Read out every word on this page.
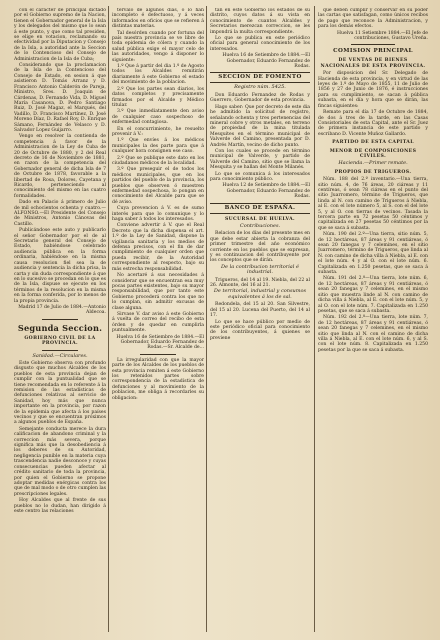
con el carácter de principal dictado por el Gobierno supremo de la Nacion, tienen el Gobernador general de la Isla y los delegados del mismo que lo sean á este punto, y que como tal presiden, se elige en votacion, reclamando su efectividad por la Diputacion y Consejo de la Isla, a autoridad ante la Seccion de lo Contencioso del Consejo de Administracion de la Isla de Cuba;

Considerando que la proclamacion de la Isla de la Contencioso del Consejo de Estado, en sesion á que asistieron D. Tomás Arranz y D. Francisco Antonio Calderón de Pareja, Ministro, Sres. D. Joaquin de Cárdenas, D. Fernando Vida, D. Miguel María Casanova, D. Pedro Santiago Ruiz, D. José Magaz, el Marqués, del Vadillo, D. Francisco Martínez, D. José Moreno Díaz, D. Rafael Roy, D. Enrique Sámano, Fernández de Velasco y D. Salvador Lopez Guijarro.

Vengo en resolver la contienda de competencia á favor de la Administracion de la Ley de Cuba de 20 de Octubre de 1880, y 2 del Real decreto de 16 de Noviembre de 1881, en razon de la competencia del Gobernador general de dicha Isla de 7 de Octubre de 1878, favorable a la libertad de Rosa, Dolores, Cayetana y Ricardo, perteneciendo al conocimiento del mismo en las cuatro formalidades.

Dado en Palacio á primero de Julio de mil ochocientos ochenta y cuatro.—ALFONSO.—El Presidente del Consejo de Ministros, Antonio Cánovas del Castillo.

Publicándose este auto y publicarlo el señor Gobernador por el de al Secretario general del Consejo de Estado, habiéndose celebrado audiencia pública en la forma ordinaria, habiéndose en la misma causa resolucion fiel sea la de audiencia y sentencia la dicha prisa, la carta y sin duda correspondiente á que en lo sucesivo se procedan en lo que es de la Isla, dispuse se ejecute en los términos de la resolucion en la misma en la forma conferida, por lo menos de la propia provincia.

Madrid 17 de Julio de 1884.—Antonio Aldecoa.

Segunda Seccion.

GOBIERNO CIVIL DE LA PROVINCIA.

Sanidad.—Circulares.

Este Gobierno observa con profundo disgusto que muchos Alcaldes de los pueblos de esta provincia dejan de cumplir con la puntualidad que se tiene recomendada en lo referente á la remision de las estadísticas de defunciones relativas al servicio de Sanidad, hoy más que nunca importante en la provincia, por razon de la epidemia que afecta á los países vecinos y que se encuentran próximos a algunos pueblos de España.

Semejante conducta merece la dura calificacion de abandono criminal y la correccion más severa, porque significa más que la desobediencia á los deberes de su Autoridad, negligencia punible en la materia cuya trascendencia nadie desconoce y cuyas consecuencias pueden afectar al crédito sanitario de toda la provincia, por quien el Gobierno se propone adoptar medidas enérgicas contra los que de mal modo o de otro cumplen las prescripciones legales.

Hoy Alcaldes que al frente de sus pueblos no lo dudan, han dirigido á este centro las relaciones

tervalo de algunos días, ó lo han incompleto é defectuoso, y á veces informados en oficios que se refieren á distintas materias.

Tal desórden cuando por fortuna del país nuestra provincia se ve libre de toda epidemia de cólera y cuando la salud pública exige el mayor celo de las autoridades, vengo á disponer lo siguiente:

1.º Que á partir del dia 1.º de Agosto todos los Alcaldes remitirán diariamente á este Gobierno el estado del movimiento de la poblacion.

2.º Que los partes sean diarios, los datos completos y precisamente firmados por el Alcalde y Médico titular.

3.º Que inmediatamente den aviso de cualquier caso sospechoso de enfermedad contagiosa.

En el concurrimiento, he resuelto prevenir á V.:

1.º Que envíes á los médicos municipales la des parte para que á cualquier hora consignen ese caso.

2.º Que se publique este dato en los ciudadanos médicos de la localidad.

3.º Que preseguir el de todos los médicos municipales, que en los partidos del pueblo de la provincia, los pueblos que observen ó muestren enfermedad sospechosa, lo pongan en conocimiento del Alcalde para que se dé aviso.

Cuya prevencion á V. es de sumo interés para que lo comunique y lo haga saber á todos los interesados.

Conviene advertir á V. que el Real Decreto que la dicha dispensa el art. 1.º de la Ley de Sanidad, dispone la vigilancia sanitaria y los medios de defensa precisos, con el fin de dar cumplimiento de cualquier orden que pueda recibir, de la Autoridad correspondiente al respecto, bajo su más estrecha responsabilidad.

No acertaré á sus necesidades á considerar que se encuentran esa muy pocas partes existentes, bajo su mayor responsabilidad, que por tanto este Gobierno procederá contra los que no lo cumplan, sin admitir excusas de clase alguna.

Sirvase V. dar aviso á este Gobierno á vuelta de correo del recibo de esta órden y de quedar en cumplirla puntualmente.

Huelva 16 de Setiembre de 1884.—El Gobernador, Eduardo Fernandez de Rodas.—Sr. Alcalde de...

La irregularidad con que la mayor parte de los Alcaldes de los pueblos de esta provincia remiten á este Gobierno los retenidos partes sobre correspondencia de la estadística de defunciones y al movimiento de la poblacion, me obliga á recordarles su obligacion:

tan en este Gobierno los estados de su distrito, cuyos datos á su vista en conocimiento de cuantos Alcaldes y Secretarios merezcan correccion, se les impondrá la multa correspondiente.

Lo que se publica en este periódico oficial para general conocimiento de los interesados.

Huelva 16 de Setiembre de 1884.—El Gobernador, Eduardo Fernandez de Rodas.

SECCION DE FOMENTO

Registro núm. 5425.

Don Eduardo Fernandez de Rodas y Guerrero, Gobernador de esta provincia.

Hago saber: Que por decreto de este dia he admitido la solicitud de registro, señalando ochenta y tres pertenencias del mineral cobre y otros metales, en terreno de propiedad de la mina titulada Mesquites en el término municipal de Valverde del Camino, presentada por D. Andrés Martín, vecino de dicho punto.

Con los cuales se procede en término municipal de Valverde, y partido de Valverde del Camino, sitio que se llama la Mesquita y se hallan del Monte Milanés.

Lo que se comunica á los interesados para conocimiento público.

Huelva 12 de Setiembre de 1884.—El Gobernador, Eduardo Fernandez de Rodas.

BANCO DE ESPAÑA.

SUCURSAL DE HUELVA.

Contribuciones.

Relacion de los días del presente mes en que debe estar abierta la cobranza del primer trimestre del año económico corriente en los pueblos que se expresan, y es continuacion del contribuyente por los conceptos que se dirán.

De la contribucion territorial é industrial.

Trigueros, del 14 al 19. Niebla, del 22 al 26. Almonte, del 16 al 21.

De territorial, industrial y consumos equivalentes á los de sal.

Redondela, del 15 al 20. San Silvestre, del 15 al 20. Lucena del Puerto, del 14 al 17.

Lo que se hace público por medio de este periódico oficial para conocimiento de los contribuyentes, á quienes se previene

que deben cumplir y conservar en su poder las cartas que satisfagan, como únicos recibos de pago que reconoce la Administracion, y para los demás efectos.

Huelva 11 Setiembre 1884.—El Jefe de contribuciones, Gustavo Ureña.

COMISION PRINCIPAL

DE VENTAS DE BIENES NACIONALES DE ESTA PROVINCIA.

Por disposicion del Sr. Delegado de Hacienda de esta provincia, y en virtud de las leyes de 1.º de Mayo de 1855, 11 de Julio de 1856 y 27 de Junio de 1876, é instrucciones para su cumplimiento, se sacan á pública subasta, en el día y hora que se dirán, las fincas siguientes:

Remate para el día 17 de Octubre de 1884, de dos á tres de la tarde, en las Casas Consistoriales de esta Capital, ante el Sr. Juez de primera instancia de este partido y escribano D. Vicente Muñoz Gallardo.

PARTIDO DE ESTA CAPITAL

MENOR DE COMPOSICIONES CIVILES.

Hacienda.—Primer remate.

PROPIOS DE TRIGUEROS.

Núm. 188 del 2.º inventario.—Una tierra, sitio núm. 4, de 76 áreas, 20 ciáreas y 11 centíreas, ó sean 78 ciáreas en el punto del sitio Juarromero, término de Trigueros, que linda al N. con camino de Trigueros á Niebla, al E. con el lote número 5, al S. con el del lote 5, y al O. con tierras de vecinos. Tasada la tercera parte en 72 pesetas 50 céntimos y capitalizada en 27 pesetas 50 céntimos por la que se saca á subasta.

Núm. 190 del 2.º—Una tierra, sitio núm. 5, de 12 hectáreas, 87 áreas y 91 centiáreas, ó sean 20 fanegas y 7 celemines, en el sitio Juarromero, término de Trigueros, que linda al N. con camino de dicha villa á Niebla, al E. con el lote núm. 4 y al O. con el lote núm. 6. Capitalizada en 1.250 pesetas, que se saca á subasta.

Núm. 191 del 2.º—Una tierra, lote núm. 6, de 12 hectáreas, 87 áreas y 91 centiáreas, ó sean 20 fanegas y 7 celemines, en el mismo sitio que muestra linde al N. con camino de dicha villa á Niebla, al E. con el lote núm. 5, y al O. con el lote núm. 7. Capitalizada en 1.250 pesetas, que se saca á subasta.

Núm. 192 del 2.º—Una tierra, lote núm. 7, de 12 hectáreas, 87 áreas y 91 centiáreas, ó sean 20 fanegas y 7 celemines, en el mismo sitio que linda al N. con el camino de dicha villa á Niebla, al E. con el lote núm. 6, y al S. con el lote núm. 8. Capitalizada en 1.250 pesetas por la que se saca á subasta.
